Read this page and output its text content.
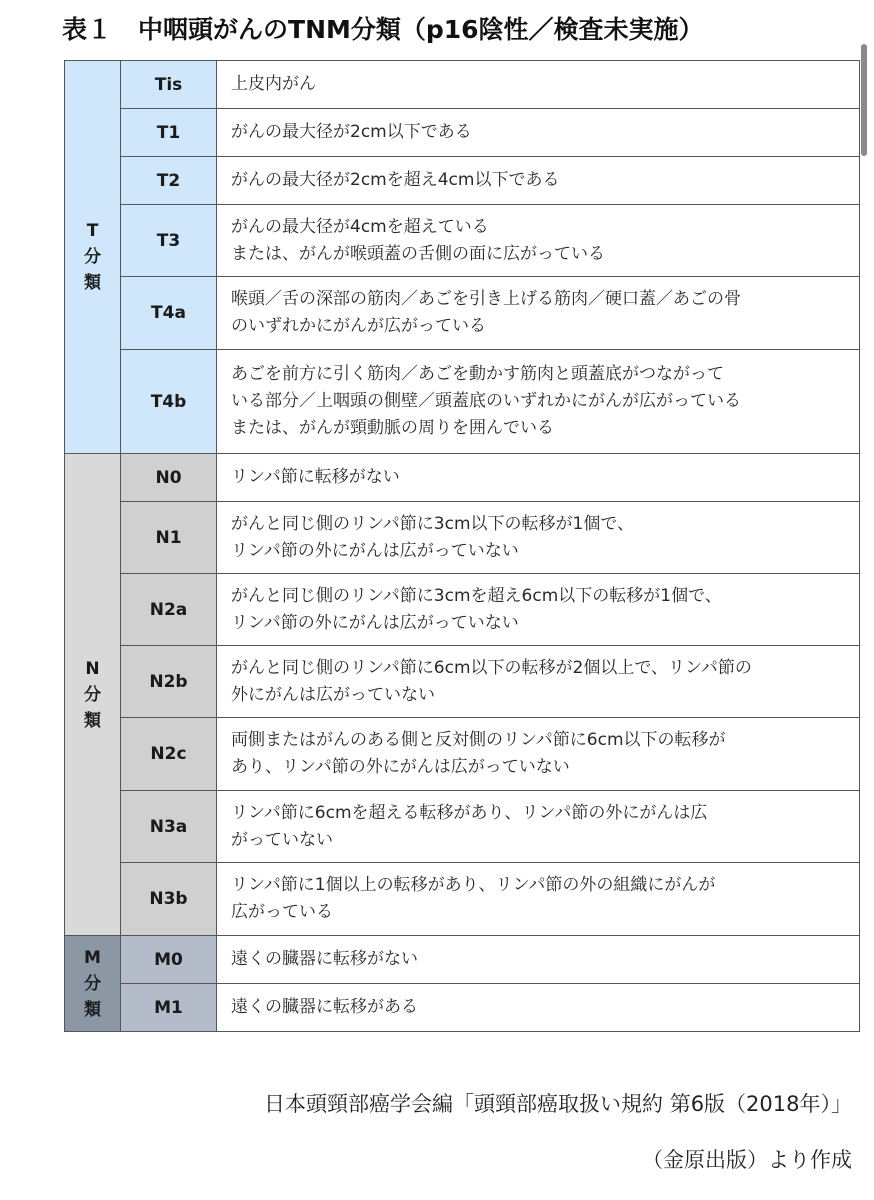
表１ 中咽頭がんのTNM分類（p16陰性／検査未実施）
T
分
類	Tis	上皮内がん

	T1	がんの最大径が2cm以下である

	T2	がんの最大径が2cmを超え4cm以下である

	T3	がんの最大径が4cmを超えている
または、がんが喉頭蓋の舌側の面に広がっている

	T4a	喉頭／舌の深部の筋肉／あごを引き上げる筋肉／硬口蓋／あごの骨
のいずれかにがんが広がっている

	T4b	あごを前方に引く筋肉／あごを動かす筋肉と頭蓋底がつながって
いる部分／上咽頭の側壁／頭蓋底のいずれかにがんが広がっている
または、がんが頸動脈の周りを囲んでいる

N
分
類	N0	リンパ節に転移がない

	N1	がんと同じ側のリンパ節に3cm以下の転移が1個で、
リンパ節の外にがんは広がっていない

	N2a	がんと同じ側のリンパ節に3cmを超え6cm以下の転移が1個で、
リンパ節の外にがんは広がっていない

	N2b	がんと同じ側のリンパ節に6cm以下の転移が2個以上で、リンパ節の
外にがんは広がっていない

	N2c	両側またはがんのある側と反対側のリンパ節に6cm以下の転移が
あり、リンパ節の外にがんは広がっていない

	N3a	リンパ節に6cmを超える転移があり、リンパ節の外にがんは広
がっていない

	N3b	リンパ節に1個以上の転移があり、リンパ節の外の組織にがんが
広がっている

M
分
類	M0	遠くの臓器に転移がない

	M1	遠くの臓器に転移がある
日本頭頸部癌学会編「頭頸部癌取扱い規約 第6版（2018年）」
（金原出版）より作成
